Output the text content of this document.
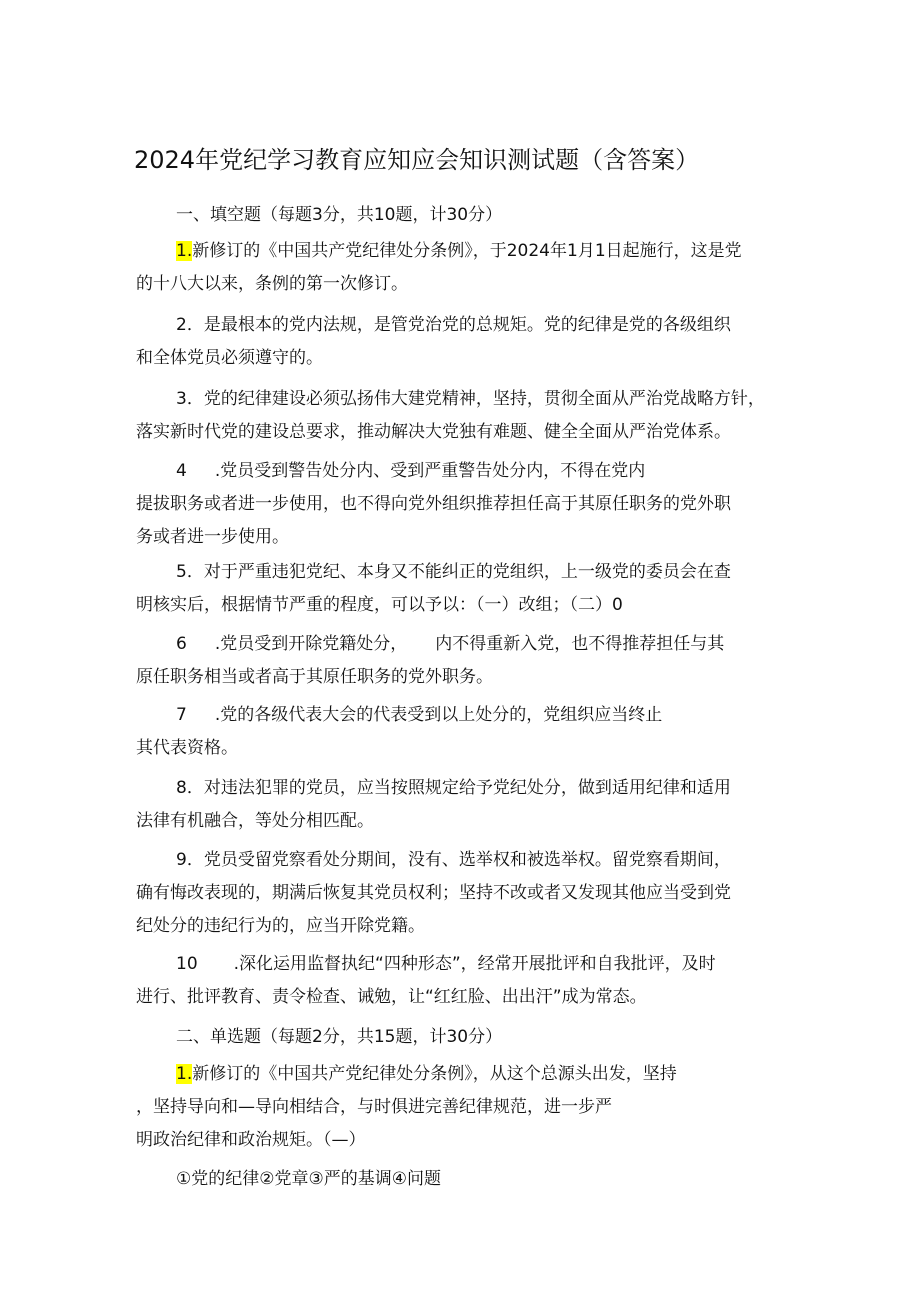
2024年党纪学习教育应知应会知识测试题（含答案）
一、填空题（每题3分，共10题，计30分）
1.新修订的《中国共产党纪律处分条例》，于2024年1月1日起施行，这是党
的十八大以来，条例的第一次修订。
2．是最根本的党内法规，是管党治党的总规矩。党的纪律是党的各级组织
和全体党员必须遵守的。
3．党的纪律建设必须弘扬伟大建党精神，坚持，贯彻全面从严治党战略方针，
落实新时代党的建设总要求，推动解决大党独有难题、健全全面从严治党体系。
4 .党员受到警告处分内、受到严重警告处分内，不得在党内
提拔职务或者进一步使用，也不得向党外组织推荐担任高于其原任职务的党外职
务或者进一步使用。
5．对于严重违犯党纪、本身又不能纠正的党组织，上一级党的委员会在查
明核实后，根据情节严重的程度，可以予以：（一）改组；（二）0
6 .党员受到开除党籍处分， 内不得重新入党，也不得推荐担任与其
原任职务相当或者高于其原任职务的党外职务。
7 .党的各级代表大会的代表受到以上处分的，党组织应当终止
其代表资格。
8．对违法犯罪的党员，应当按照规定给予党纪处分，做到适用纪律和适用
法律有机融合，等处分相匹配。
9．党员受留党察看处分期间，没有、选举权和被选举权。留党察看期间，
确有悔改表现的，期满后恢复其党员权利；坚持不改或者又发现其他应当受到党
纪处分的违纪行为的，应当开除党籍。
10 .深化运用监督执纪“四种形态”，经常开展批评和自我批评，及时
进行、批评教育、责令检查、诫勉，让“红红脸、出出汗”成为常态。
二、单选题（每题2分，共15题，计30分）
1.新修订的《中国共产党纪律处分条例》，从这个总源头出发，坚持
，坚持导向和—导向相结合，与时俱进完善纪律规范，进一步严
明政治纪律和政治规矩。（—）
①党的纪律②党章③严的基调④问题
